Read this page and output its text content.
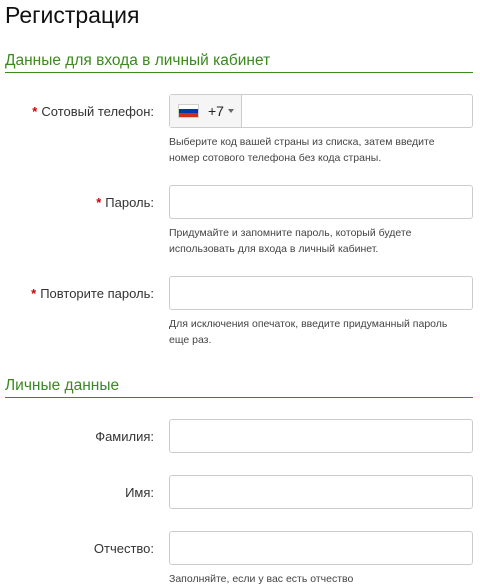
Регистрация
Данные для входа в личный кабинет
* Сотовый телефон:	+7
Выберите код вашей страны из списка, затем введите
номер сотового телефона без кода страны.
* Пароль:
Придумайте и запомните пароль, который будете
использовать для входа в личный кабинет.
* Повторите пароль:
Для исключения опечаток, введите придуманный пароль
еще раз.
Личные данные
Фамилия:
Имя:
Отчество:
Заполняйте, если у вас есть отчество
